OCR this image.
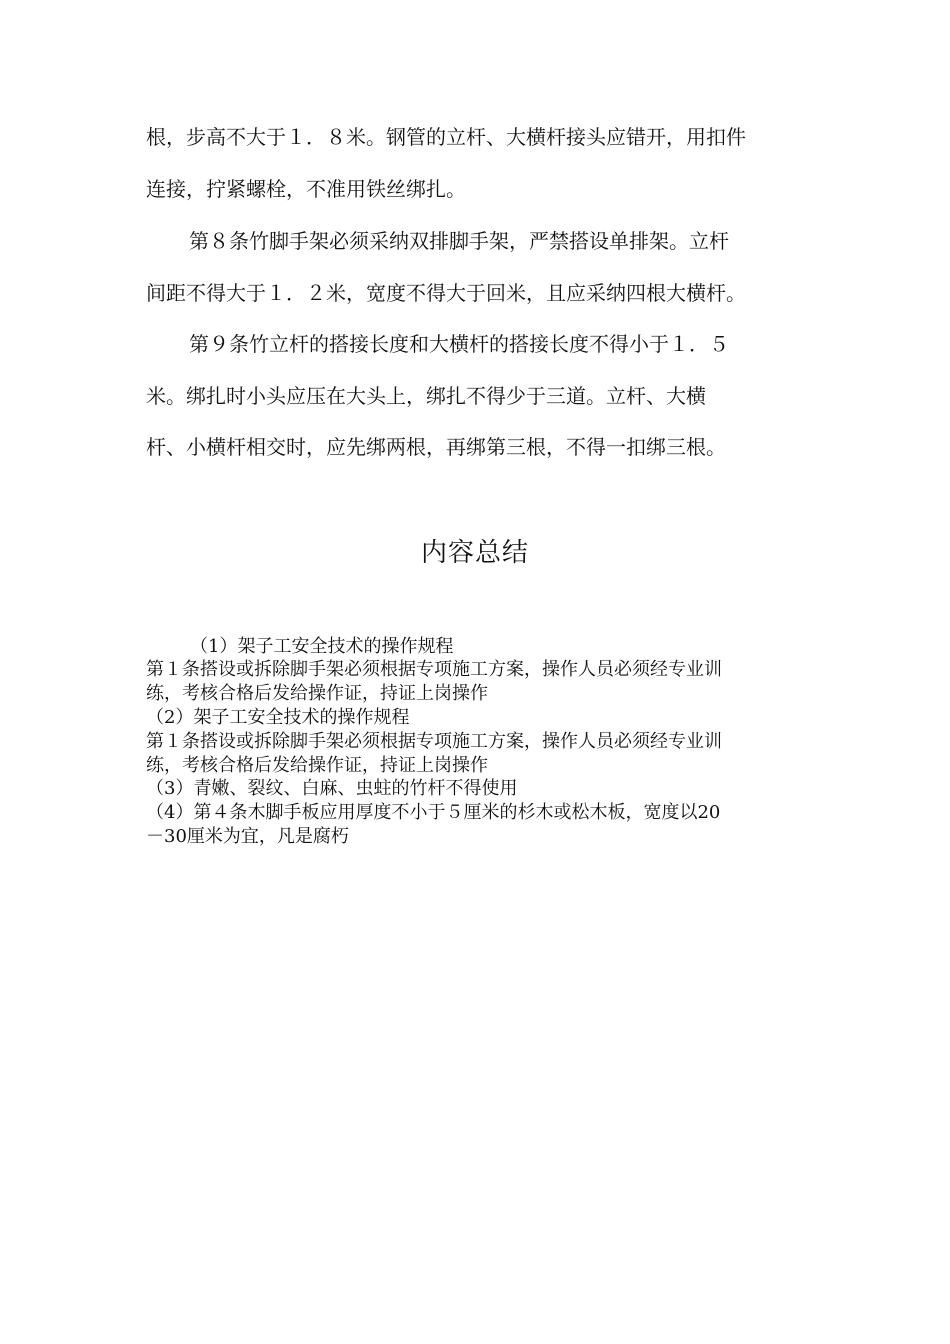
根，步高不大于１．８米。钢管的立杆、大横杆接头应错开，用扣件
连接，拧紧螺栓，不准用铁丝绑扎。
第８条竹脚手架必须采纳双排脚手架，严禁搭设单排架。立杆
间距不得大于１．２米，宽度不得大于回米，且应采纳四根大横杆。
第９条竹立杆的搭接长度和大横杆的搭接长度不得小于１．５
米。绑扎时小头应压在大头上，绑扎不得少于三道。立杆、大横
杆、小横杆相交时，应先绑两根，再绑第三根，不得一扣绑三根。
内容总结
（1）架子工安全技术的操作规程
第１条搭设或拆除脚手架必须根据专项施工方案，操作人员必须经专业训
练，考核合格后发给操作证，持证上岗操作
（2）架子工安全技术的操作规程
第１条搭设或拆除脚手架必须根据专项施工方案，操作人员必须经专业训
练，考核合格后发给操作证，持证上岗操作
（3）青嫩、裂纹、白麻、虫蛀的竹杆不得使用
（4）第４条木脚手板应用厚度不小于５厘米的杉木或松木板，宽度以20
－30厘米为宜，凡是腐朽
